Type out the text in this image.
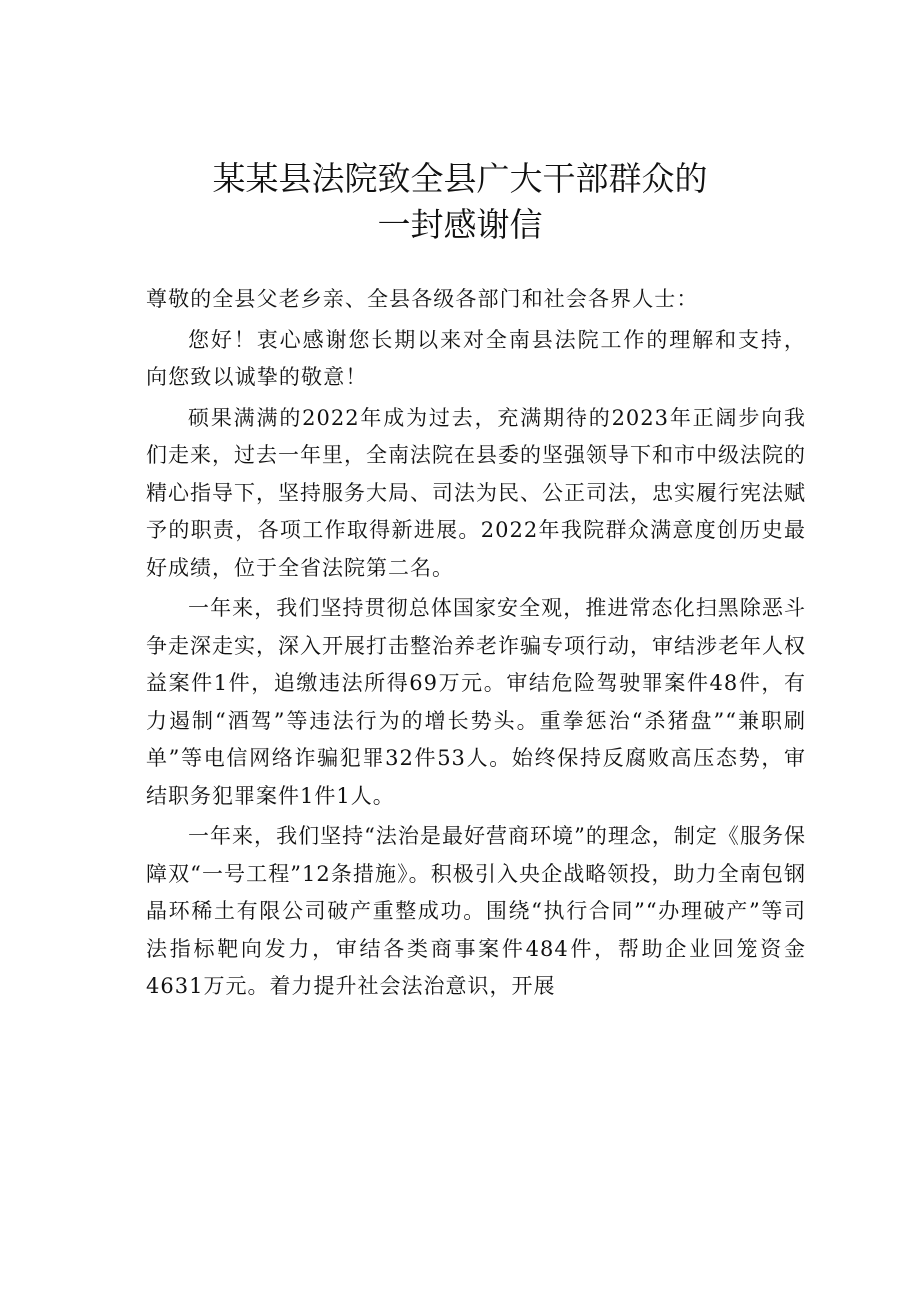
某某县法院致全县广大干部群众的
一封感谢信

尊敬的全县父老乡亲、全县各级各部门和社会各界人士：

您好！衷心感谢您长期以来对全南县法院工作的理解和支持，向您致以诚挚的敬意！

硕果满满的2022年成为过去，充满期待的2023年正阔步向我们走来，过去一年里，全南法院在县委的坚强领导下和市中级法院的精心指导下，坚持服务大局、司法为民、公正司法，忠实履行宪法赋予的职责，各项工作取得新进展。2022年我院群众满意度创历史最好成绩，位于全省法院第二名。

一年来，我们坚持贯彻总体国家安全观，推进常态化扫黑除恶斗争走深走实，深入开展打击整治养老诈骗专项行动，审结涉老年人权益案件1件，追缴违法所得69万元。审结危险驾驶罪案件48件，有力遏制“酒驾”等违法行为的增长势头。重拳惩治“杀猪盘”“兼职刷单”等电信网络诈骗犯罪32件53人。始终保持反腐败高压态势，审结职务犯罪案件1件1人。

一年来，我们坚持“法治是最好营商环境”的理念，制定《服务保障双“一号工程”12条措施》。积极引入央企战略领投，助力全南包钢晶环稀土有限公司破产重整成功。围绕“执行合同”“办理破产”等司法指标靶向发力，审结各类商事案件484件，帮助企业回笼资金4631万元。着力提升社会法治意识，开展
